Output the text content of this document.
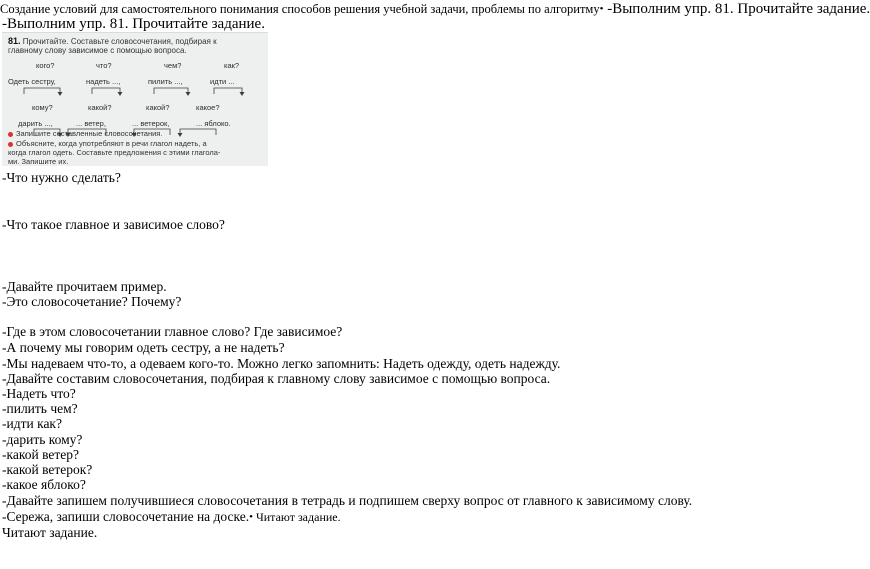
Создание условий для самостоятельного понимания способов решения учебной задачи, проблемы по алгоритму• -Выполним упр. 81. Прочитайте задание.
-Выполним упр. 81. Прочитайте задание.
81. Прочитайте. Составьте словосочетания, подбирая к
главному слову зависимое с помощью вопроса.
кого?	что?	чем?	как?
Одеть сестру,	надеть ...,	пилить ...,	идти ...
кому?	какой?	какой?	какое?
дарить ...,	... ветер,	... ветерок,	... яблоко.
Запишите составленные словосочетания.
Объясните, когда употребляют в речи глагол надеть, а
когда глагол одеть. Составьте предложения с этими глагола-
ми. Запишите их.
-Что нужно сделать?
-Что такое главное и зависимое слово?
-Давайте прочитаем пример.
-Это словосочетание? Почему?
-Где в этом словосочетании главное слово? Где зависимое?
-А почему мы говорим одеть сестру, а не надеть?
-Мы надеваем что-то, а одеваем кого-то. Можно легко запомнить: Надеть одежду, одеть надежду.
-Давайте составим словосочетания, подбирая к главному слову зависимое с помощью вопроса.
-Надеть что?
-пилить чем?
-идти как?
-дарить кому?
-какой ветер?
-какой ветерок?
-какое яблоко?
-Давайте запишем получившиеся словосочетания в тетрадь и подпишем сверху вопрос от главного к зависимому слову.
-Сережа, запиши словосочетание на доске.• Читают задание.
Читают задание.
